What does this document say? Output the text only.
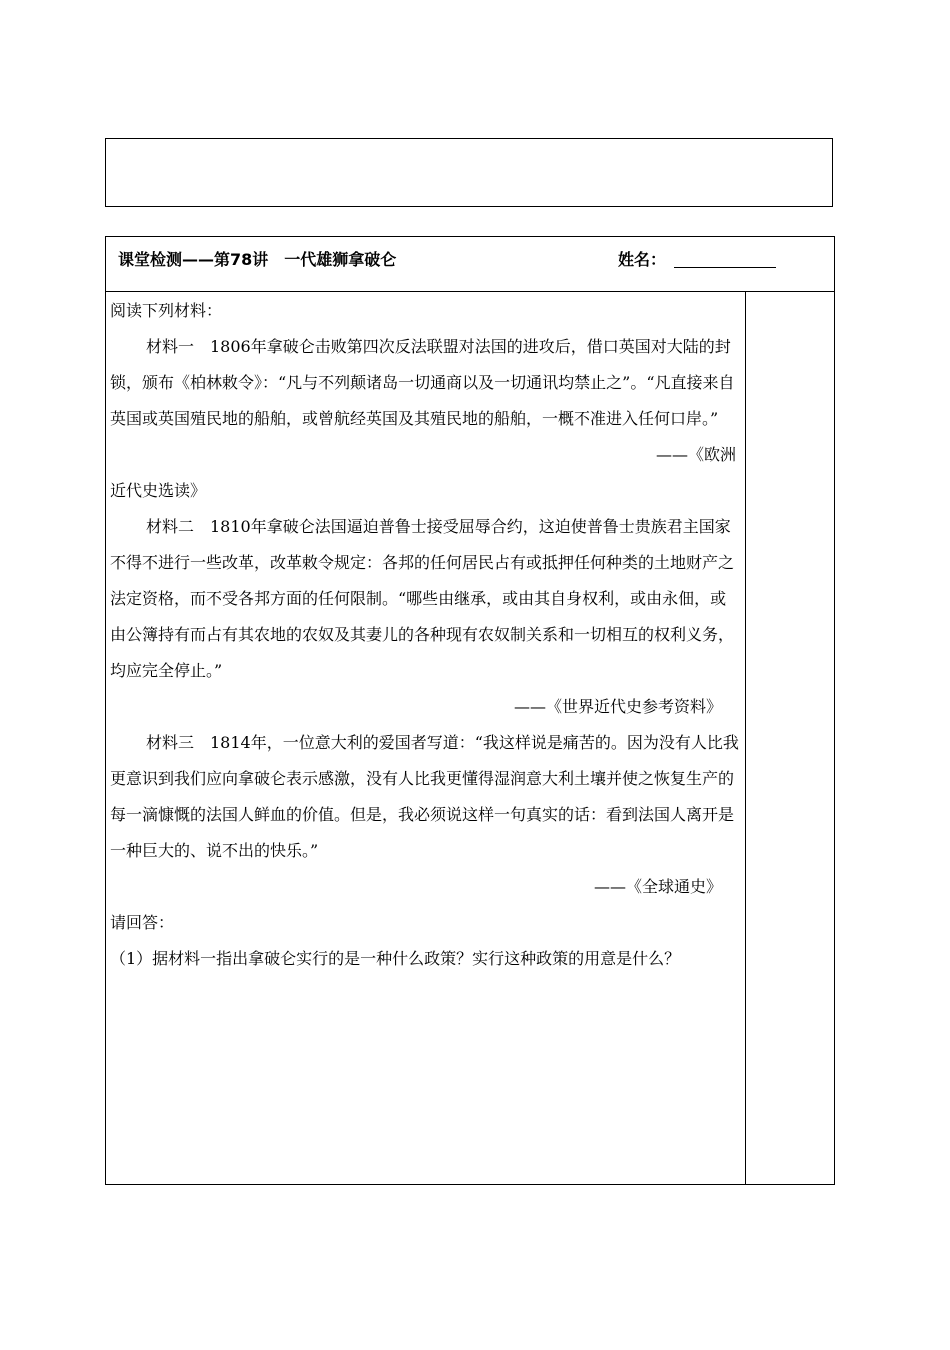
课堂检测——第78讲　一代雄狮拿破仑	姓名：

阅读下列材料：

材料一　1806年拿破仑击败第四次反法联盟对法国的进攻后，借口英国对大陆的封锁，颁布《柏林敕令》：“凡与不列颠诸岛一切通商以及一切通讯均禁止之”。“凡直接来自英国或英国殖民地的船舶，或曾航经英国及其殖民地的船舶，一概不准进入任何口岸。”

——《欧洲

近代史选读》

材料二　1810年拿破仑法国逼迫普鲁士接受屈辱合约，这迫使普鲁士贵族君主国家不得不进行一些改革，改革敕令规定：各邦的任何居民占有或抵押任何种类的土地财产之法定资格，而不受各邦方面的任何限制。“哪些由继承，或由其自身权利，或由永佃，或由公簿持有而占有其农地的农奴及其妻儿的各种现有农奴制关系和一切相互的权利义务，均应完全停止。”

——《世界近代史参考资料》

材料三　1814年，一位意大利的爱国者写道：“我这样说是痛苦的。因为没有人比我更意识到我们应向拿破仑表示感激，没有人比我更懂得湿润意大利土壤并使之恢复生产的每一滴慷慨的法国人鲜血的价值。但是，我必须说这样一句真实的话：看到法国人离开是一种巨大的、说不出的快乐。”

——《全球通史》

请回答：

（1）据材料一指出拿破仑实行的是一种什么政策？实行这种政策的用意是什么？
